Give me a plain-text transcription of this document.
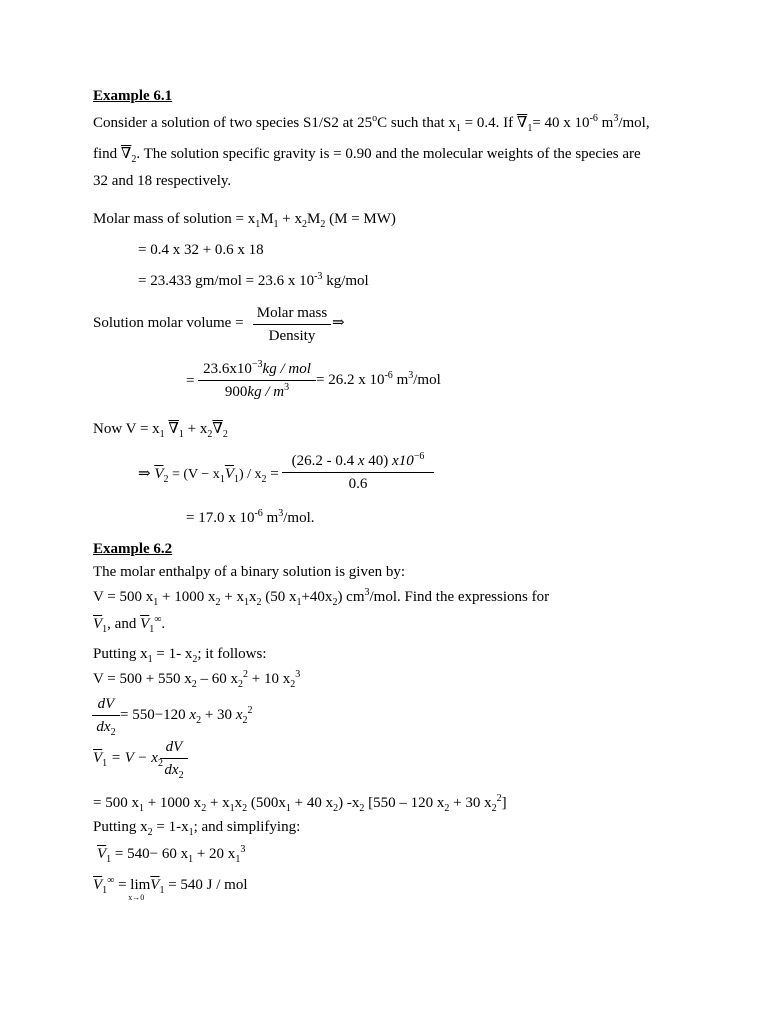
Example 6.1
Consider a solution of two species S1/S2 at 25$^o$C such that $x_1 = 0.4$. If $\nabla_1= 40$ x $10^{-6}$ $m^3$/mol,
find $\nabla_2$. The solution specific gravity is = 0.90 and the molecular weights of the species are
32 and 18 respectively.
Molar mass of solution = $x_1M_1 + x_2M_2$ (M = MW)
= 0.4 x 32 + 0.6 x 18
= 23.433 gm/mol = 23.6 x $10^{-3}$ kg/mol
Solution molar volume =
Molar mass
Density
⇒
=
$23.6x10^{-3}kg$ / mol
$900kg / m^3$	= 26.2 x $10^{-6}$ $m^3$/mol
Now $V = x_1$ $\nabla_1 + x_2\nabla_2$
⇒ $\overline{V}_2 = (V - x_1\overline{V}_1) / x_2 = \frac{(26.2 - 0.4 x 40) x10^{-6}}{0.6}$
= 17.0 x $10^{-6}$ $m^3$/mol.
Example 6.2
The molar enthalpy of a binary solution is given by:
V = 500 $x_1 + 1000$ $x_2 + x_1x_2$ (50 $x_1+40x_2$) $cm^3$/mol. Find the expressions for
$\overline{V}_1$, and $\overline{V}_1^\infty$.
Putting $x_1 = 1-$ $x_2$; it follows:
V = 500 + 550 $x_2 - 60$ $x_2^2 + 10$ $x_2^3$
$\frac{dV}{dx_2} = 550-120$ $x_2 + 30$ $x_2^2$
$\overline{V}_1 = V - x_2$
$\frac{dV}{dx_2}$
= 500 $x_1 + 1000$ $x_2 + x_1x_2$ ($500x_1 + 40$ $x_2$) $-x_2$ [550 – 120 $x_2 + 30$ $x_2^2$]
Putting $x_2 = 1-x_1$; and simplifying:
$\overline{V}_1 = 540- 60$ $x_1 + 20$ $x_1^3$
$\overline{V}_1^\infty = \lim$
x→0
$\overline{V}_1 = 540$ J / mol
